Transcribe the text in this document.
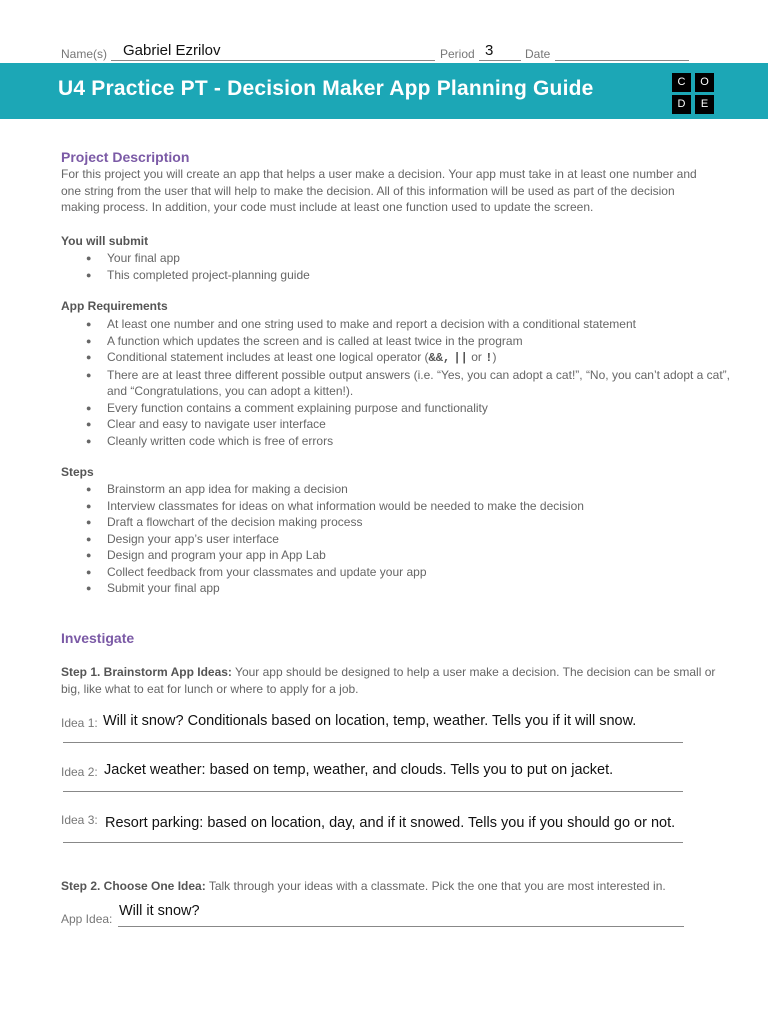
Name(s) Gabriel Ezrilov	Period 3	Date
U4 Practice PT - Decision Maker App Planning Guide	C	O
D	E
Project Description

For this project you will create an app that helps a user make a decision. Your app must take in at least one number and one string from the user that will help to make the decision. All of this information will be used as part of the decision making process. In addition, your code must include at least one function used to update the screen.

You will submit
● Your final app
● This completed project-planning guide
App Requirements
● At least one number and one string used to make and report a decision with a conditional statement
● A function which updates the screen and is called at least twice in the program
● Conditional statement includes at least one logical operator (&&, || or !)
● There are at least three different possible output answers (i.e. “Yes, you can adopt a cat!”, “No, you can’t adopt a cat”, and “Congratulations, you can adopt a kitten!).
● Every function contains a comment explaining purpose and functionality
● Clear and easy to navigate user interface
● Cleanly written code which is free of errors
Steps
● Brainstorm an app idea for making a decision
● Interview classmates for ideas on what information would be needed to make the decision
● Draft a flowchart of the decision making process
● Design your app’s user interface
● Design and program your app in App Lab
● Collect feedback from your classmates and update your app
● Submit your final app
Investigate

Step 1. Brainstorm App Ideas: Your app should be designed to help a user make a decision. The decision can be small or big, like what to eat for lunch or where to apply for a job.

Idea 1: Will it snow? Conditionals based on location, temp, weather. Tells you if it will snow.
Idea 2: Jacket weather: based on temp, weather, and clouds. Tells you to put on jacket.
Idea 3: Resort parking: based on location, day, and if it snowed. Tells you if you should go or not.

Step 2. Choose One Idea: Talk through your ideas with a classmate. Pick the one that you are most interested in.

App Idea: Will it snow?
